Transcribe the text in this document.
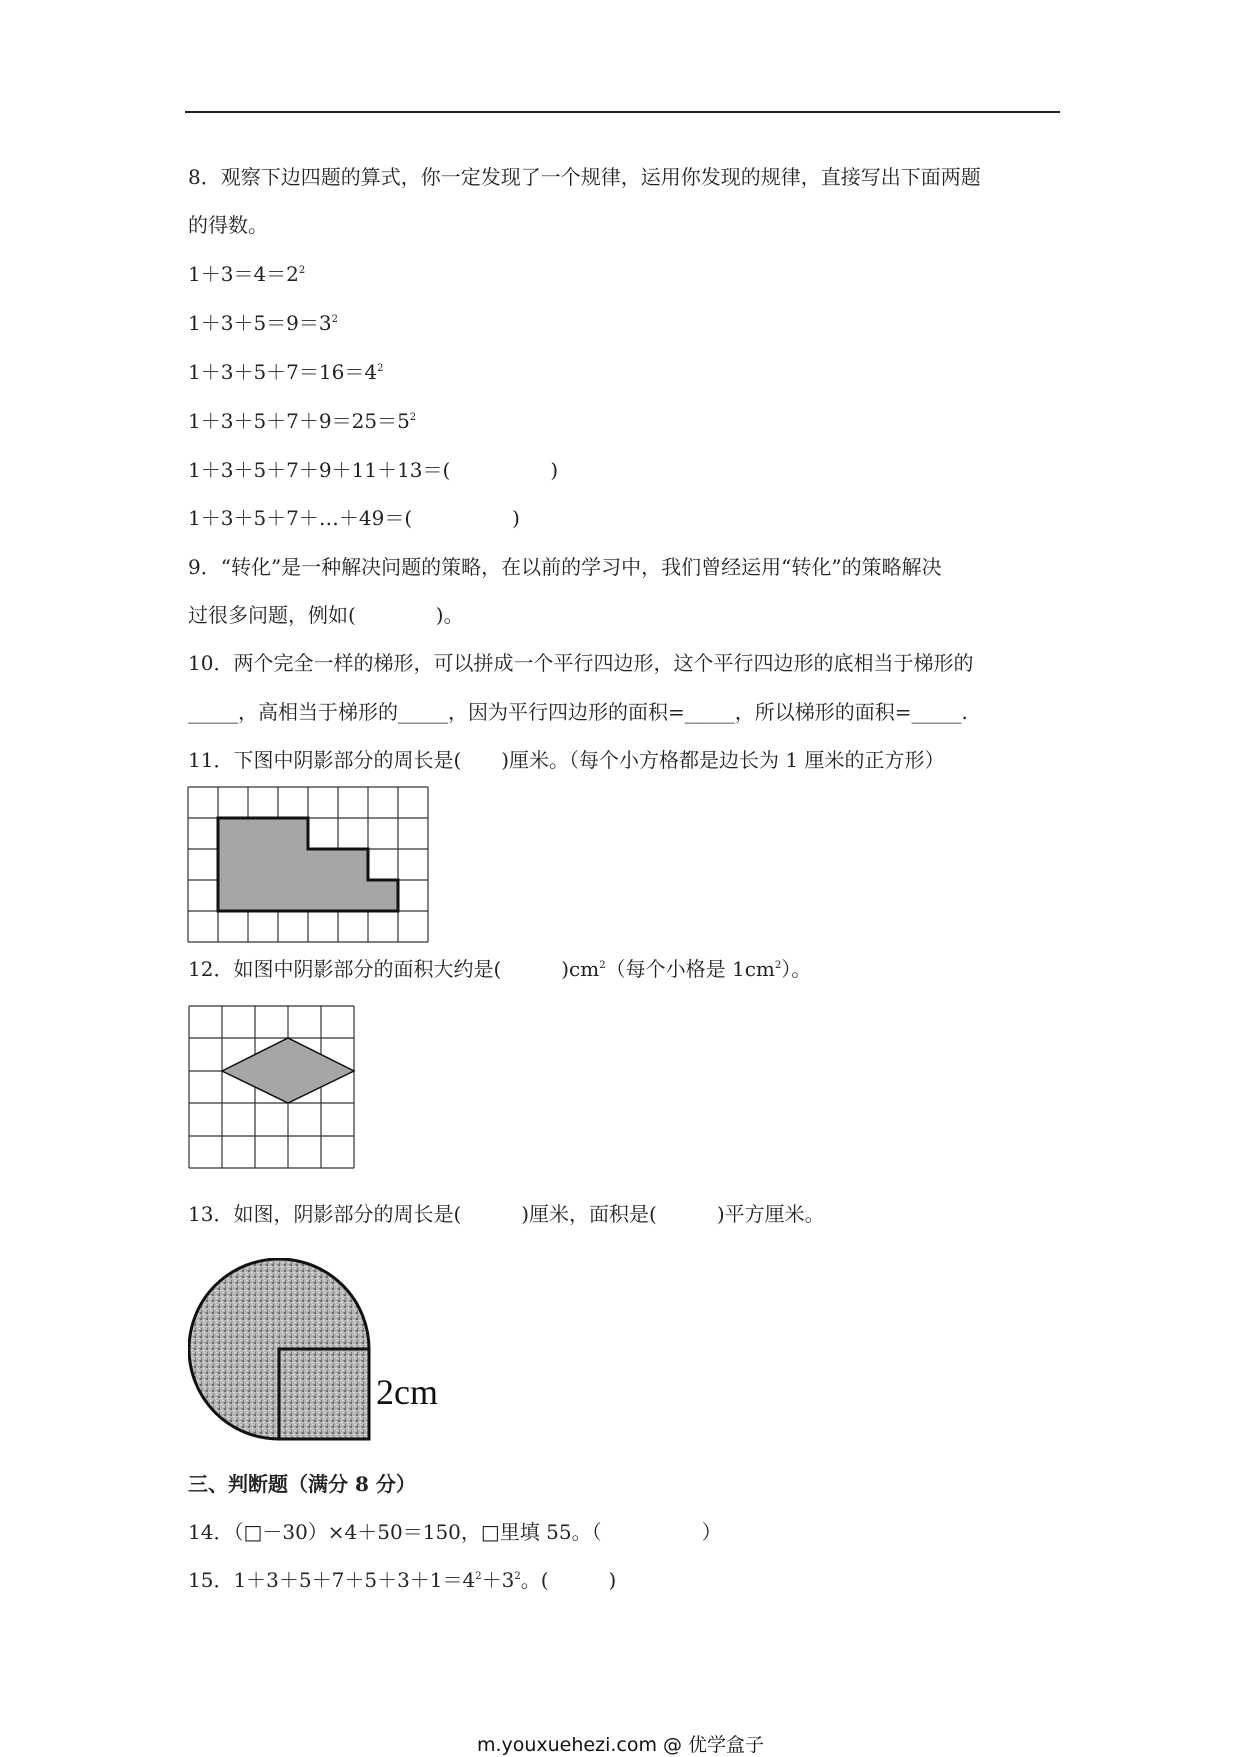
8．观察下边四题的算式，你一定发现了一个规律，运用你发现的规律，直接写出下面两题
的得数。
$1+3=4=2^2$
$1+3+5=9=3^2$
$1+3+5+7=16=4^2$
$1+3+5+7+9=25=5^2$
1＋3＋5＋7＋9＋11＋13＝(　　　　　)
1＋3＋5＋7＋…＋49＝(　　　　　)
9．“转化”是一种解决问题的策略，在以前的学习中，我们曾经运用“转化”的策略解决
过很多问题，例如(　　　　)。
10．两个完全一样的梯形，可以拼成一个平行四边形，这个平行四边形的底相当于梯形的
_____，高相当于梯形的_____，因为平行四边形的面积=_____，所以梯形的面积=_____.
11．下图中阴影部分的周长是(　　)厘米。（每个小方格都是边长为 1 厘米的正方形）
12．如图中阴影部分的面积大约是(　　　)$cm^2$（每个小格是 $1cm^2$）。
13．如图，阴影部分的周长是(　　　)厘米，面积是(　　　)平方厘米。
2cm
三、判断题（满分 8 分）
14．（□－30）×4＋50＝150，□里填 55。（　　　　　）
15．$1+3+5+7+5+3+1=4^2+3^2$。(　　　)
m.youxuehezi.com @ 优学盒子
